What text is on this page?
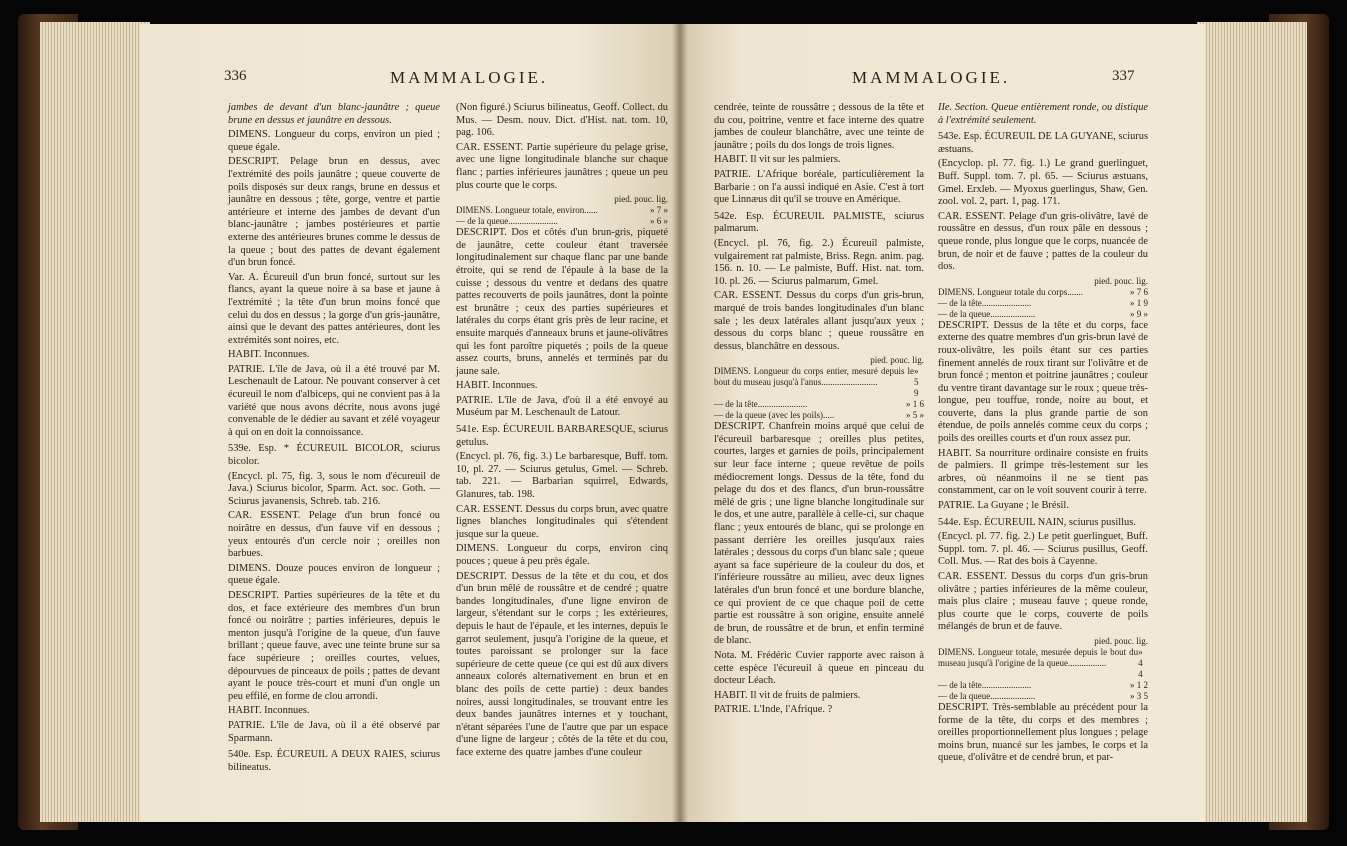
336	MAMMALOGIE.

jambes de devant d'un blanc-jaunâtre ; queue brune en dessus et jaunâtre en dessous.

DIMENS. Longueur du corps, environ un pied ; queue égale.

DESCRIPT. Pelage brun en dessus, avec l'extrémité des poils jaunâtre ; queue couverte de poils disposés sur deux rangs, brune en dessus et jaunâtre en dessous ; tête, gorge, ventre et partie antérieure et interne des jambes de devant d'un blanc-jaunâtre ; jambes postérieures et partie externe des antérieures brunes comme le dessus de la queue ; bout des pattes de devant également d'un brun foncé.

Var. A. Écureuil d'un brun foncé, surtout sur les flancs, ayant la queue noire à sa base et jaune à l'extrémité ; la tête d'un brun moins foncé que celui du dos en dessus ; la gorge d'un gris-jaunâtre, ainsi que le devant des pattes antérieures, dont les extrémités sont noires, etc.

HABIT. Inconnues.

PATRIE. L'île de Java, où il a été trouvé par M. Leschenault de Latour. Ne pouvant conserver à cet écureuil le nom d'albiceps, qui ne convient pas à la variété que nous avons décrite, nous avons jugé convenable de le dédier au savant et zélé voyageur à qui on en doit la connoissance.

539e. Esp. * ÉCUREUIL BICOLOR, sciurus bicolor.

(Encycl. pl. 75, fig. 3, sous le nom d'écureuil de Java.) Sciurus bicolor, Sparm. Act. soc. Goth. — Sciurus javanensis, Schreb. tab. 216.

CAR. ESSENT. Pelage d'un brun foncé ou noirâtre en dessus, d'un fauve vif en dessous ; yeux entourés d'un cercle noir ; oreilles non barbues.

DIMENS. Douze pouces environ de longueur ; queue égale.

DESCRIPT. Parties supérieures de la tête et du dos, et face extérieure des membres d'un brun foncé ou noirâtre ; parties inférieures, depuis le menton jusqu'à l'origine de la queue, d'un fauve brillant ; queue fauve, avec une teinte brune sur sa face supérieure ; oreilles courtes, velues, dépourvues de pinceaux de poils ; pattes de devant ayant le pouce très-court et muni d'un ongle un peu effilé, en forme de clou arrondi.

HABIT. Inconnues.

PATRIE. L'île de Java, où il a été observé par Sparmann.

540e. Esp. ÉCUREUIL A DEUX RAIES, sciurus bilineatus.

(Non figuré.) Sciurus bilineatus, Geoff. Collect. du Mus. — Desm. nouv. Dict. d'Hist. nat. tom. 10, pag. 106.

CAR. ESSENT. Partie supérieure du pelage grise, avec une ligne longitudinale blanche sur chaque flanc ; parties inférieures jaunâtres ; queue un peu plus courte que le corps.

pied. pouc. lig.
DIMENS. Longueur totale, environ......	» 7 »
— de la queue......................	» 6 »

DESCRIPT. Dos et côtés d'un brun-gris, piqueté de jaunâtre, cette couleur étant traversée longitudinalement sur chaque flanc par une bande étroite, qui se rend de l'épaule à la base de la cuisse ; dessous du ventre et dedans des quatre pattes recouverts de poils jaunâtres, dont la pointe est brunâtre ; ceux des parties supérieures et latérales du corps étant gris près de leur racine, et ensuite marqués d'anneaux bruns et jaune-olivâtres qui les font paroître piquetés ; poils de la queue assez courts, bruns, annelés et terminés par du jaune sale.

HABIT. Inconnues.

PATRIE. L'île de Java, d'où il a été envoyé au Muséum par M. Leschenault de Latour.

541e. Esp. ÉCUREUIL BARBARESQUE, sciurus getulus.

(Encycl. pl. 76, fig. 3.) Le barbaresque, Buff. tom. 10, pl. 27. — Sciurus getulus, Gmel. — Schreb. tab. 221. — Barbarian squirrel, Edwards, Glanures, tab. 198.

CAR. ESSENT. Dessus du corps brun, avec quatre lignes blanches longitudinales qui s'étendent jusque sur la queue.

DIMENS. Longueur du corps, environ cinq pouces ; queue à peu près égale.

DESCRIPT. Dessus de la tête et du cou, et dos d'un brun mêlé de roussâtre et de cendré ; quatre bandes longitudinales, d'une ligne environ de largeur, s'étendant sur le corps ; les extérieures, depuis le haut de l'épaule, et les internes, depuis le garrot seulement, jusqu'à l'origine de la queue, et toutes paroissant se prolonger sur la face supérieure de cette queue (ce qui est dû aux divers anneaux colorés alternativement en brun et en blanc des poils de cette partie) : deux bandes noires, aussi longitudinales, se trouvant entre les deux bandes jaunâtres internes et y touchant, n'étant séparées l'une de l'autre que par un espace d'une ligne de largeur ; côtés de la tête et du cou, face externe des quatre jambes d'une couleur

MAMMALOGIE.	337

cendrée, teinte de roussâtre ; dessous de la tête et du cou, poitrine, ventre et face interne des quatre jambes de couleur blanchâtre, avec une teinte de jaunâtre ; poils du dos longs de trois lignes.

HABIT. Il vit sur les palmiers.

PATRIE. L'Afrique boréale, particulièrement la Barbarie : on l'a aussi indiqué en Asie. C'est à tort que Linnæus dit qu'il se trouve en Amérique.

542e. Esp. ÉCUREUIL PALMISTE, sciurus palmarum.

(Encycl. pl. 76, fig. 2.) Écureuil palmiste, vulgairement rat palmiste, Briss. Regn. anim. pag. 156. n. 10. — Le palmiste, Buff. Hist. nat. tom. 10. pl. 26. — Sciurus palmarum, Gmel.

CAR. ESSENT. Dessus du corps d'un gris-brun, marqué de trois bandes longitudinales d'un blanc sale ; les deux latérales allant jusqu'aux yeux ; dessous du corps blanc ; queue roussâtre en dessus, blanchâtre en dessous.

pied. pouc. lig.
DIMENS. Longueur du corps entier, mesuré depuis le bout du museau jusqu'à l'anus.........................
» 5 9
— de la tête......................	» 1 6
— de la queue (avec les poils).....	» 5 »

DESCRIPT. Chanfrein moins arqué que celui de l'écureuil barbaresque ; oreilles plus petites, courtes, larges et garnies de poils, principalement sur leur face interne ; queue revêtue de poils médiocrement longs. Dessus de la tête, fond du pelage du dos et des flancs, d'un brun-roussâtre mêlé de gris ; une ligne blanche longitudinale sur le dos, et une autre, parallèle à celle-ci, sur chaque flanc ; yeux entourés de blanc, qui se prolonge en passant derrière les oreilles jusqu'aux raies latérales ; dessous du corps d'un blanc sale ; queue ayant sa face supérieure de la couleur du dos, et l'inférieure roussâtre au milieu, avec deux lignes latérales d'un brun foncé et une bordure blanche, ce qui provient de ce que chaque poil de cette partie est roussâtre à son origine, ensuite annelé de brun, de roussâtre et de brun, et enfin terminé de blanc.

Nota. M. Frédéric Cuvier rapporte avec raison à cette espèce l'écureuil à queue en pinceau du docteur Léach.

HABIT. Il vit de fruits de palmiers.

PATRIE. L'Inde, l'Afrique. ?

IIe. Section. Queue entièrement ronde, ou distique à l'extrémité seulement.

543e. Esp. ÉCUREUIL DE LA GUYANE, sciurus æstuans.

(Encyclop. pl. 77. fig. 1.) Le grand guerlinguet, Buff. Suppl. tom. 7. pl. 65. — Sciurus æstuans, Gmel. Erxleb. — Myoxus guerlingus, Shaw, Gen. zool. vol. 2, part. 1, pag. 171.

CAR. ESSENT. Pelage d'un gris-olivâtre, lavé de roussâtre en dessus, d'un roux pâle en dessous ; queue ronde, plus longue que le corps, nuancée de brun, de noir et de fauve ; pattes de la couleur du dos.

pied. pouc. lig.
DIMENS. Longueur totale du corps.......	» 7 6
— de la tête......................	» 1 9
— de la queue....................	» 9 »

DESCRIPT. Dessus de la tête et du corps, face externe des quatre membres d'un gris-brun lavé de roux-olivâtre, les poils étant sur ces parties finement annelés de roux tirant sur l'olivâtre et de brun foncé ; menton et poitrine jaunâtres ; couleur du ventre tirant davantage sur le roux ; queue très-longue, peu touffue, ronde, noire au bout, et couverte, dans la plus grande partie de son étendue, de poils annelés comme ceux du corps ; poils des oreilles courts et d'un roux assez pur.

HABIT. Sa nourriture ordinaire consiste en fruits de palmiers. Il grimpe très-lestement sur les arbres, où néanmoins il ne se tient pas constamment, car on le voit souvent courir à terre.

PATRIE. La Guyane ; le Brésil.

544e. Esp. ÉCUREUIL NAIN, sciurus pusillus.

(Encycl. pl. 77. fig. 2.) Le petit guerlinguet, Buff. Suppl. tom. 7. pl. 46. — Sciurus pusillus, Geoff. Coll. Mus. — Rat des bois à Cayenne.

CAR. ESSENT. Dessus du corps d'un gris-brun olivâtre ; parties inférieures de la même couleur, mais plus claire ; museau fauve ; queue ronde, plus courte que le corps, couverte de poils mélangés de brun et de fauve.

pied. pouc. lig.
DIMENS. Longueur totale, mesurée depuis le bout du museau jusqu'à l'origine de la queue.................
» 4 4
— de la tête......................	» 1 2
— de la queue....................	» 3 5

DESCRIPT. Très-semblable au précédent pour la forme de la tête, du corps et des membres ; oreilles proportionnellement plus longues ; pelage moins brun, nuancé sur les jambes, le corps et la queue, d'olivâtre et de cendré brun, et par-
